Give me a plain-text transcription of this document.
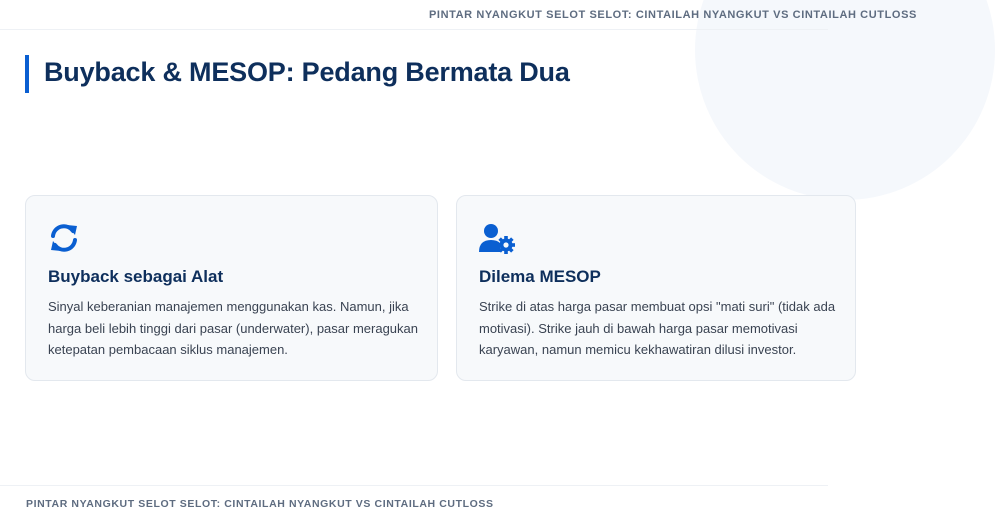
PINTAR NYANGKUT SELOT SELOT: CINTAILAH NYANGKUT VS CINTAILAH CUTLOSS
Buyback & MESOP: Pedang Bermata Dua
Buyback sebagai Alat

Sinyal keberanian manajemen menggunakan kas. Namun, jika harga beli lebih tinggi dari pasar (underwater), pasar meragukan ketepatan pembacaan siklus manajemen.

Dilema MESOP

Strike di atas harga pasar membuat opsi "mati suri" (tidak ada motivasi). Strike jauh di bawah harga pasar memotivasi karyawan, namun memicu kekhawatiran dilusi investor.

PINTAR NYANGKUT SELOT SELOT: CINTAILAH NYANGKUT VS CINTAILAH CUTLOSS
